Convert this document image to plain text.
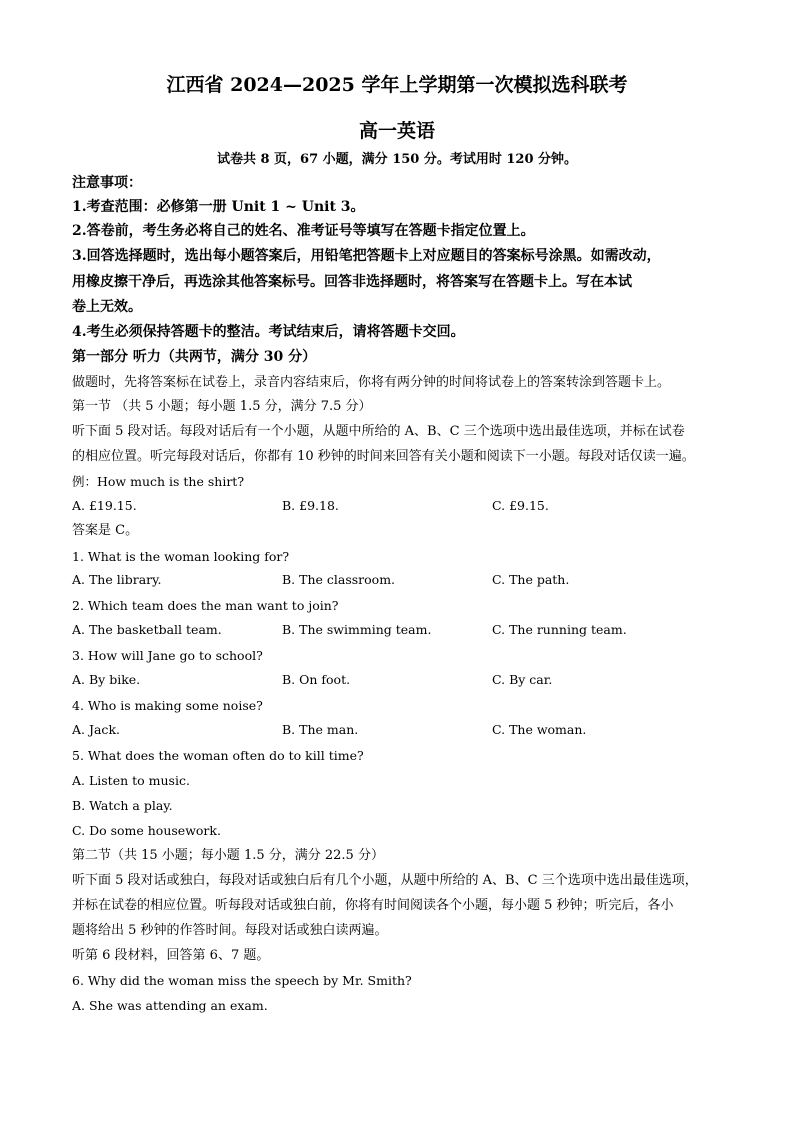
江西省 2024—2025 学年上学期第一次模拟选科联考
高一英语
试卷共 8 页，67 小题，满分 150 分。考试用时 120 分钟。
注意事项：
1.考查范围：必修第一册 Unit 1 ~ Unit 3。
2.答卷前，考生务必将自己的姓名、准考证号等填写在答题卡指定位置上。
3.回答选择题时，选出每小题答案后，用铅笔把答题卡上对应题目的答案标号涂黑。如需改动，
用橡皮擦干净后，再选涂其他答案标号。回答非选择题时，将答案写在答题卡上。写在本试
卷上无效。
4.考生必须保持答题卡的整洁。考试结束后，请将答题卡交回。
第一部分 听力（共两节，满分 30 分）
做题时，先将答案标在试卷上，录音内容结束后，你将有两分钟的时间将试卷上的答案转涂到答题卡上。
第一节 （共 5 小题；每小题 1.5 分，满分 7.5 分）
听下面 5 段对话。每段对话后有一个小题，从题中所给的 A、B、C 三个选项中选出最佳选项，并标在试卷
的相应位置。听完每段对话后，你都有 10 秒钟的时间来回答有关小题和阅读下一小题。每段对话仅读一遍。
例：How much is the shirt?
A. £19.15.	B. £9.18.	C. £9.15.
答案是 C。
1. What is the woman looking for?
A. The library.	B. The classroom.	C. The path.
2. Which team does the man want to join?
A. The basketball team.	B. The swimming team.	C. The running team.
3. How will Jane go to school?
A. By bike.	B. On foot.	C. By car.
4. Who is making some noise?
A. Jack.	B. The man.	C. The woman.
5. What does the woman often do to kill time?
A. Listen to music.
B. Watch a play.
C. Do some housework.
第二节（共 15 小题；每小题 1.5 分，满分 22.5 分）
听下面 5 段对话或独白，每段对话或独白后有几个小题，从题中所给的 A、B、C 三个选项中选出最佳选项，
并标在试卷的相应位置。听每段对话或独白前，你将有时间阅读各个小题，每小题 5 秒钟；听完后，各小
题将给出 5 秒钟的作答时间。每段对话或独白读两遍。
听第 6 段材料，回答第 6、7 题。
6. Why did the woman miss the speech by Mr. Smith?
A. She was attending an exam.
